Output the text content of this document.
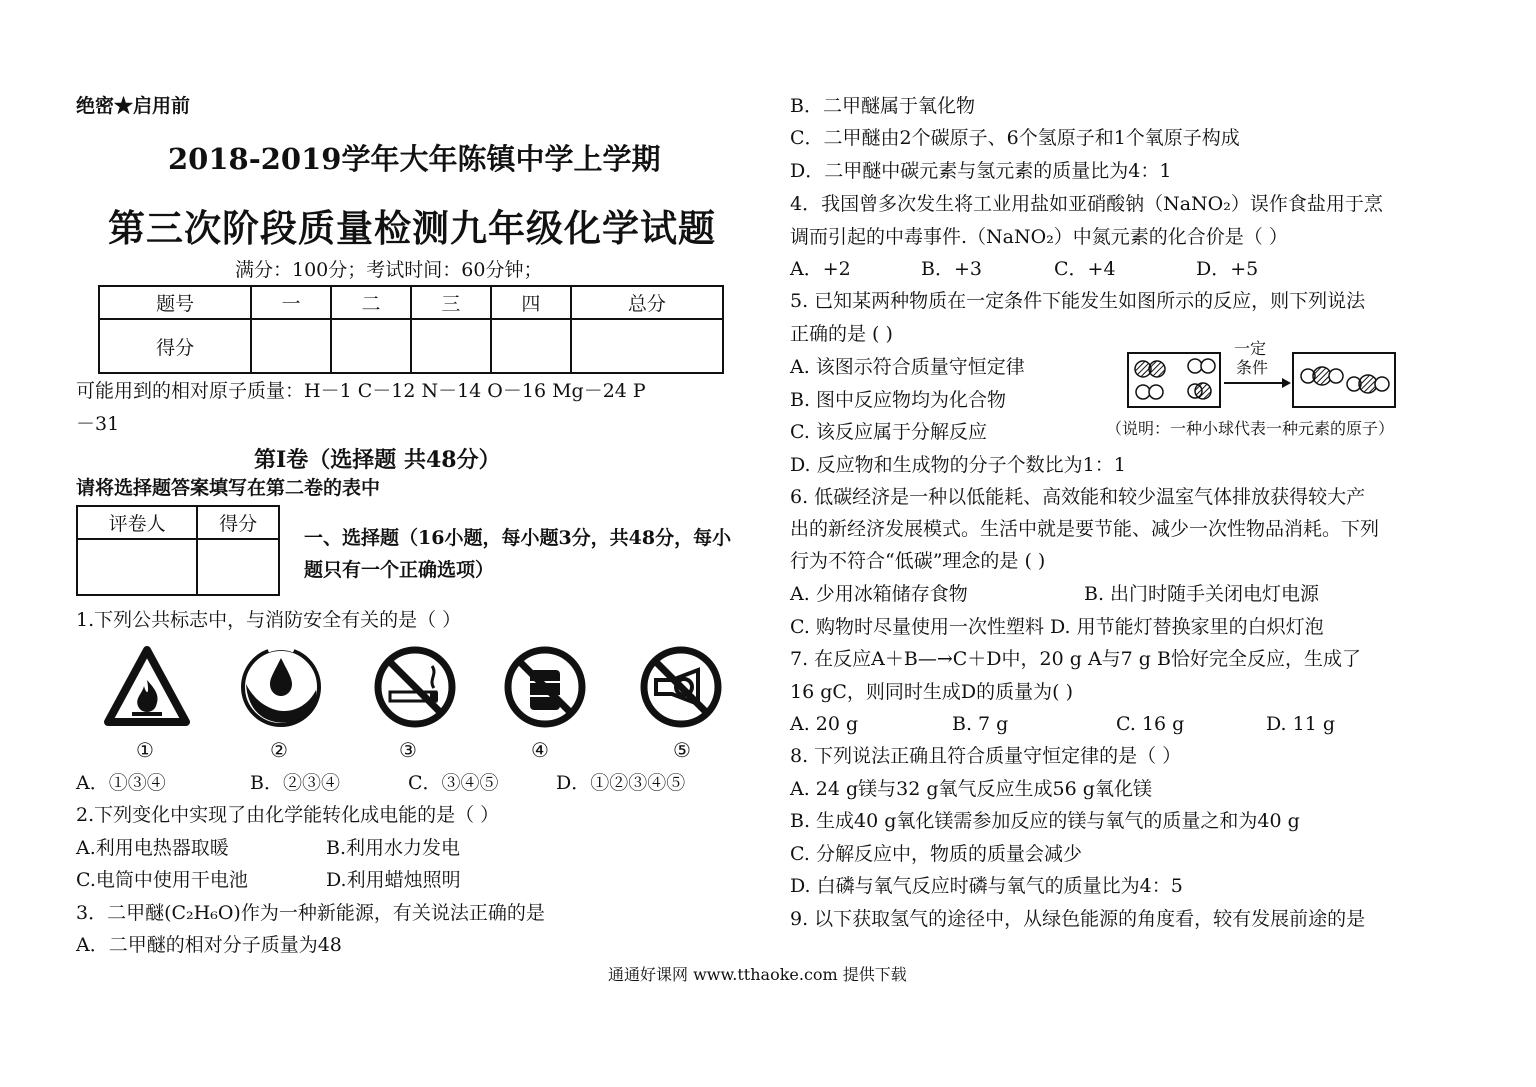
绝密★启用前
2018-2019学年大年陈镇中学上学期
第三次阶段质量检测九年级化学试题
满分：100分；考试时间：60分钟；
题号	一	二	三	四	总分
得分					
可能用到的相对原子质量：H－1 C－12 N－14 O－16 Mg－24 P
－31
第Ⅰ卷（选择题 共48分）
请将选择题答案填写在第二卷的表中
评卷人	得分

一、选择题（16小题，每小题3分，共48分，每小
题只有一个正确选项）
1.下列公共标志中，与消防安全有关的是（ ）
①	②	③	④	⑤
A．①③④	B．②③④	C．③④⑤	D．①②③④⑤
2.下列变化中实现了由化学能转化成电能的是（ ）
A.利用电热器取暖	B.利用水力发电
C.电筒中使用干电池	D.利用蜡烛照明
3．二甲醚(C₂H₆O)作为一种新能源，有关说法正确的是
A．二甲醚的相对分子质量为48
B．二甲醚属于氧化物
C．二甲醚由2个碳原子、6个氢原子和1个氧原子构成
D．二甲醚中碳元素与氢元素的质量比为4：1
4．我国曾多次发生将工业用盐如亚硝酸钠（NaNO₂）误作食盐用于烹
调而引起的中毒事件.（NaNO₂）中氮元素的化合价是（ ）
A．+2	B．+3	C．+4	D．+5
5. 已知某两种物质在一定条件下能发生如图所示的反应，则下列说法
正确的是 ( )
A. 该图示符合质量守恒定律
B. 图中反应物均为化合物
C. 该反应属于分解反应
D. 反应物和生成物的分子个数比为1：1
一定
条件
（说明：一种小球代表一种元素的原子）
6. 低碳经济是一种以低能耗、高效能和较少温室气体排放获得较大产
出的新经济发展模式。生活中就是要节能、减少一次性物品消耗。下列
行为不符合“低碳”理念的是 ( )
A. 少用冰箱储存食物	B. 出门时随手关闭电灯电源
C. 购物时尽量使用一次性塑料 D. 用节能灯替换家里的白炽灯泡
7. 在反应A＋B—→C＋D中，20 g A与7 g B恰好完全反应，生成了
16 gC，则同时生成D的质量为( )
A. 20 g	B. 7 g	C. 16 g	D. 11 g
8. 下列说法正确且符合质量守恒定律的是（ ）
A. 24 g镁与32 g氧气反应生成56 g氧化镁
B. 生成40 g氧化镁需参加反应的镁与氧气的质量之和为40 g
C. 分解反应中，物质的质量会减少
D. 白磷与氧气反应时磷与氧气的质量比为4：5
9. 以下获取氢气的途径中，从绿色能源的角度看，较有发展前途的是
通通好课网 www.tthaoke.com 提供下载
